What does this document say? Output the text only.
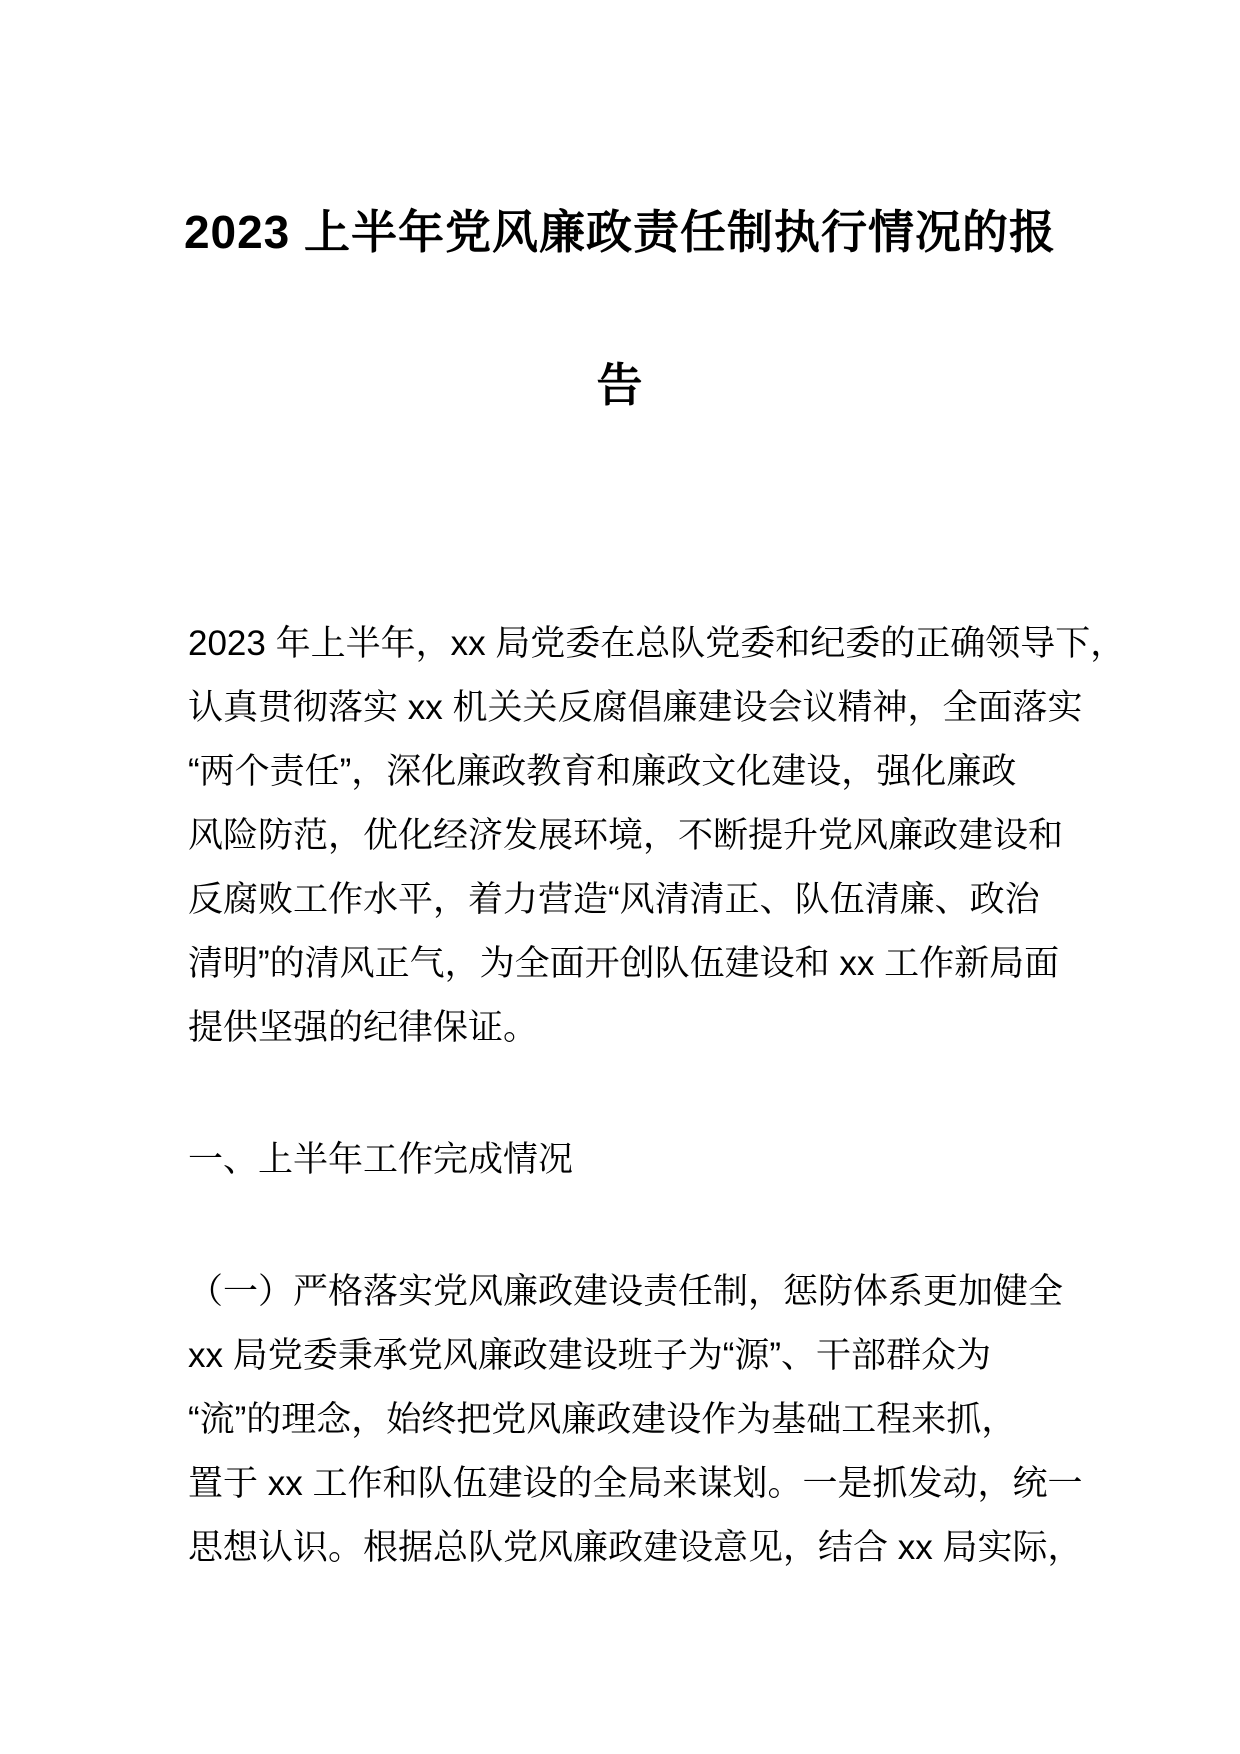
2023 上半年党风廉政责任制执行情况的报
告
2023 年上半年，xx 局党委在总队党委和纪委的正确领导下，
认真贯彻落实 xx 机关关反腐倡廉建设会议精神，全面落实
“两个责任”，深化廉政教育和廉政文化建设，强化廉政
风险防范，优化经济发展环境，不断提升党风廉政建设和
反腐败工作水平，着力营造“风清清正、队伍清廉、政治
清明”的清风正气，为全面开创队伍建设和 xx 工作新局面
提供坚强的纪律保证。
一、上半年工作完成情况
（一）严格落实党风廉政建设责任制，惩防体系更加健全
xx 局党委秉承党风廉政建设班子为“源”、干部群众为
“流”的理念，始终把党风廉政建设作为基础工程来抓，
置于 xx 工作和队伍建设的全局来谋划。一是抓发动，统一
思想认识。根据总队党风廉政建设意见，结合 xx 局实际，
